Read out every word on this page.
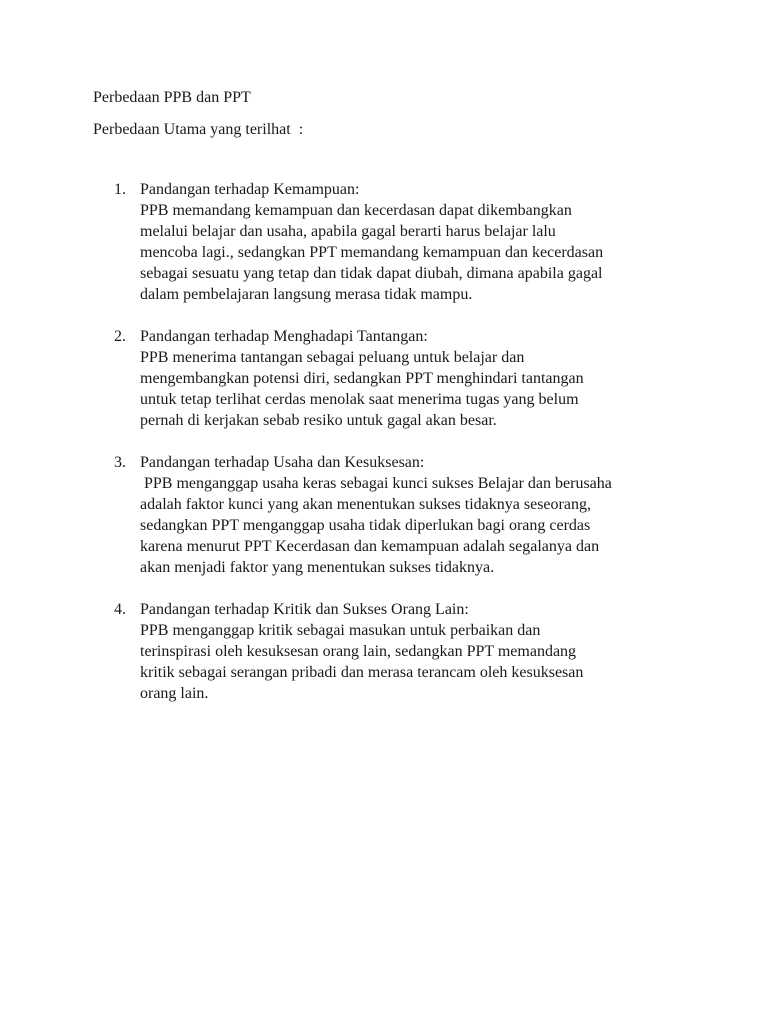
Perbedaan PPB dan PPT
Perbedaan Utama yang terilhat  :
1. Pandangan terhadap Kemampuan:
PPB memandang kemampuan dan kecerdasan dapat dikembangkan
melalui belajar dan usaha, apabila gagal berarti harus belajar lalu
mencoba lagi., sedangkan PPT memandang kemampuan dan kecerdasan
sebagai sesuatu yang tetap dan tidak dapat diubah, dimana apabila gagal
dalam pembelajaran langsung merasa tidak mampu.
2. Pandangan terhadap Menghadapi Tantangan:
PPB menerima tantangan sebagai peluang untuk belajar dan
mengembangkan potensi diri, sedangkan PPT menghindari tantangan
untuk tetap terlihat cerdas menolak saat menerima tugas yang belum
pernah di kerjakan sebab resiko untuk gagal akan besar.
3. Pandangan terhadap Usaha dan Kesuksesan:
PPB menganggap usaha keras sebagai kunci sukses Belajar dan berusaha
adalah faktor kunci yang akan menentukan sukses tidaknya seseorang,
sedangkan PPT menganggap usaha tidak diperlukan bagi orang cerdas
karena menurut PPT Kecerdasan dan kemampuan adalah segalanya dan
akan menjadi faktor yang menentukan sukses tidaknya.
4. Pandangan terhadap Kritik dan Sukses Orang Lain:
PPB menganggap kritik sebagai masukan untuk perbaikan dan
terinspirasi oleh kesuksesan orang lain, sedangkan PPT memandang
kritik sebagai serangan pribadi dan merasa terancam oleh kesuksesan
orang lain.
